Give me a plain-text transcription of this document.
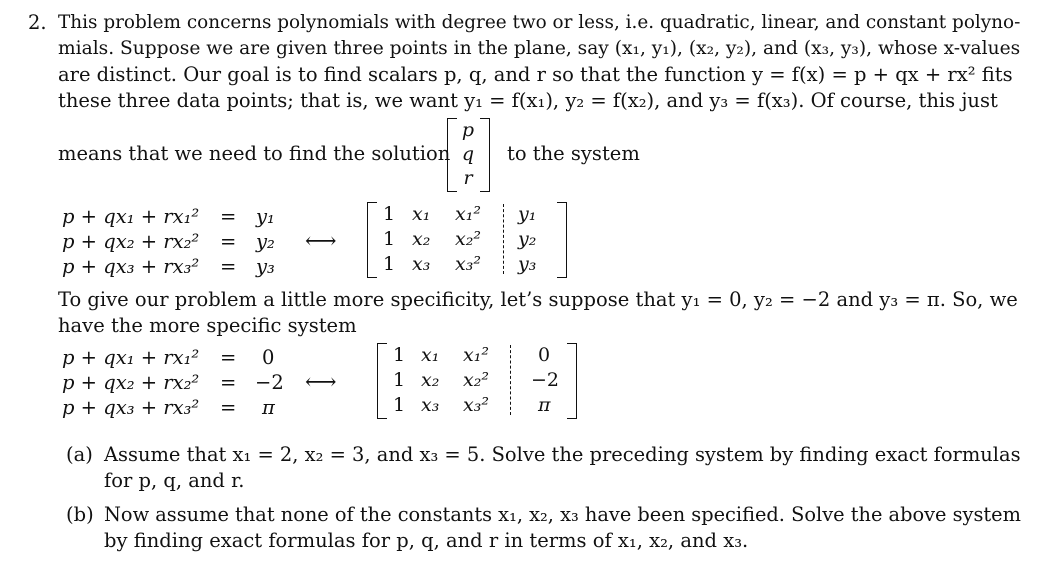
2. This problem concerns polynomials with degree two or less, i.e. quadratic, linear, and constant polyno-
mials. Suppose we are given three points in the plane, say (x₁, y₁), (x₂, y₂), and (x₃, y₃), whose x-values
are distinct. Our goal is to find scalars p, q, and r so that the function y = f(x) = p + qx + rx² fits
these three data points; that is, we want y₁ = f(x₁), y₂ = f(x₂), and y₃ = f(x₃). Of course, this just
means that we need to find the solution
p
q
r
to the system
p + qx₁ + rx₁²
p + qx₂ + rx₂²
p + qx₃ + rx₃²
=
=
=
y₁
y₂
y₃
⟷
1 x₁ x₁² y₁
1 x₂ x₂² y₂
1 x₃ x₃² y₃
To give our problem a little more specificity, let’s suppose that y₁ = 0, y₂ = −2 and y₃ = π. So, we
have the more specific system
p + qx₁ + rx₁²
p + qx₂ + rx₂²
p + qx₃ + rx₃²
=
=
=
0
−2
π
⟷
1 x₁ x₁²	0
1 x₂ x₂² −2
1 x₃ x₃²	π
(a) Assume that x₁ = 2, x₂ = 3, and x₃ = 5. Solve the preceding system by finding exact formulas
for p, q, and r.
(b) Now assume that none of the constants x₁, x₂, x₃ have been specified. Solve the above system
by finding exact formulas for p, q, and r in terms of x₁, x₂, and x₃.
